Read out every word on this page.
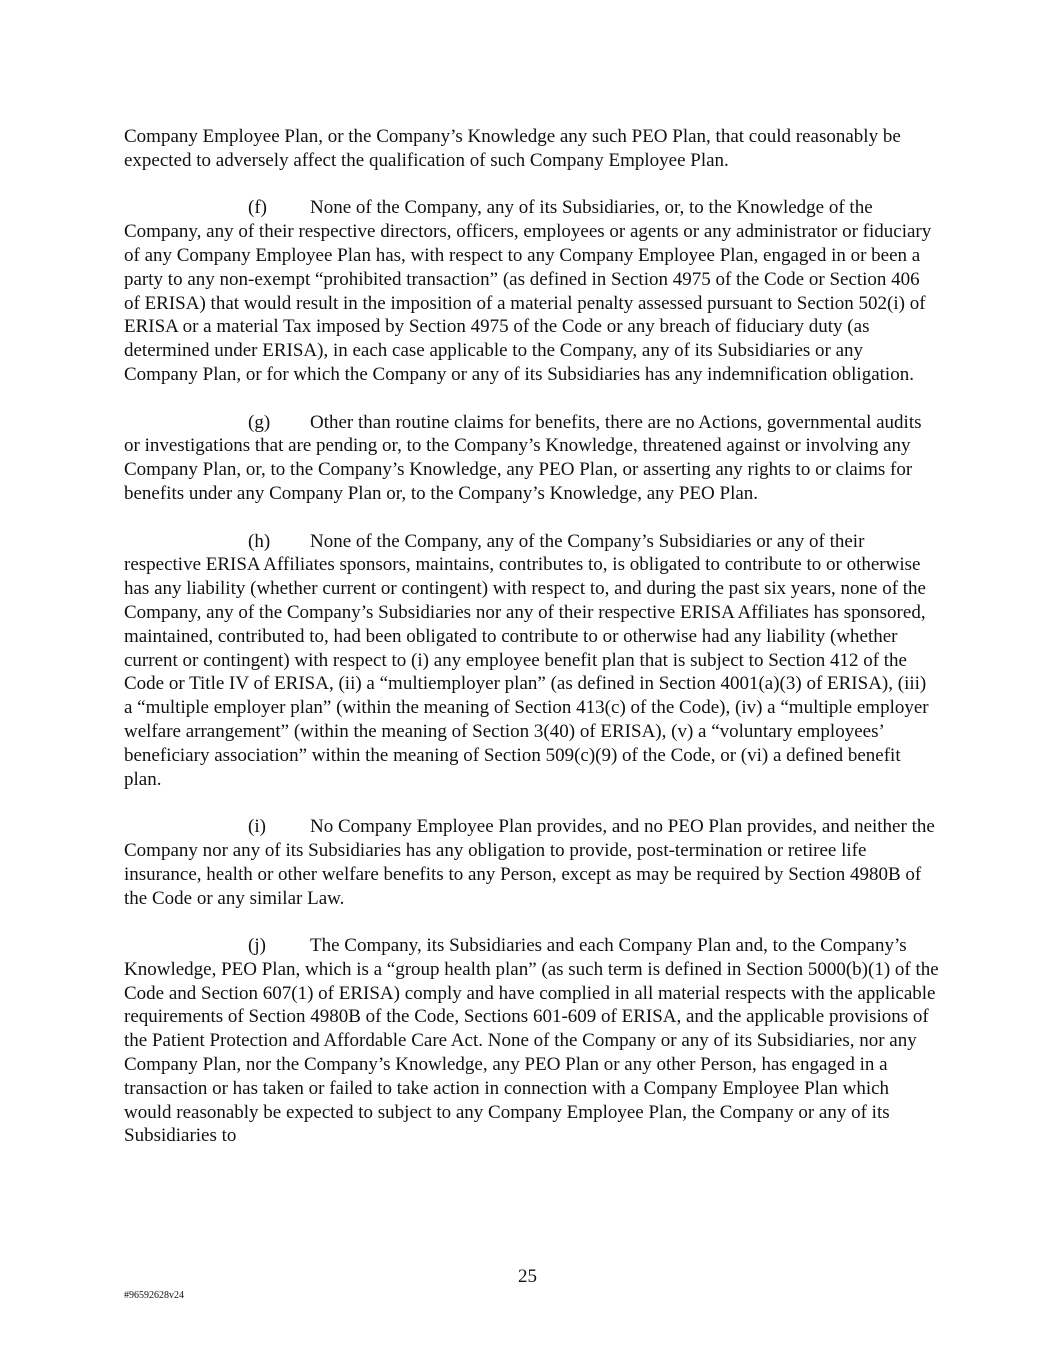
Company Employee Plan, or the Company’s Knowledge any such PEO Plan, that could reasonably be expected to adversely affect the qualification of such Company Employee Plan.

(f) None of the Company, any of its Subsidiaries, or, to the Knowledge of the Company, any of their respective directors, officers, employees or agents or any administrator or fiduciary of any Company Employee Plan has, with respect to any Company Employee Plan, engaged in or been a party to any non-exempt “prohibited transaction” (as defined in Section 4975 of the Code or Section 406 of ERISA) that would result in the imposition of a material penalty assessed pursuant to Section 502(i) of ERISA or a material Tax imposed by Section 4975 of the Code or any breach of fiduciary duty (as determined under ERISA), in each case applicable to the Company, any of its Subsidiaries or any Company Plan, or for which the Company or any of its Subsidiaries has any indemnification obligation.

(g) Other than routine claims for benefits, there are no Actions, governmental audits or investigations that are pending or, to the Company’s Knowledge, threatened against or involving any Company Plan, or, to the Company’s Knowledge, any PEO Plan, or asserting any rights to or claims for benefits under any Company Plan or, to the Company’s Knowledge, any PEO Plan.

(h) None of the Company, any of the Company’s Subsidiaries or any of their respective ERISA Affiliates sponsors, maintains, contributes to, is obligated to contribute to or otherwise has any liability (whether current or contingent) with respect to, and during the past six years, none of the Company, any of the Company’s Subsidiaries nor any of their respective ERISA Affiliates has sponsored, maintained, contributed to, had been obligated to contribute to or otherwise had any liability (whether current or contingent) with respect to (i) any employee benefit plan that is subject to Section 412 of the Code or Title IV of ERISA, (ii) a “multiemployer plan” (as defined in Section 4001(a)(3) of ERISA), (iii) a “multiple employer plan” (within the meaning of Section 413(c) of the Code), (iv) a “multiple employer welfare arrangement” (within the meaning of Section 3(40) of ERISA), (v) a “voluntary employees’ beneficiary association” within the meaning of Section 509(c)(9) of the Code, or (vi) a defined benefit plan.

(i) No Company Employee Plan provides, and no PEO Plan provides, and neither the Company nor any of its Subsidiaries has any obligation to provide, post-termination or retiree life insurance, health or other welfare benefits to any Person, except as may be required by Section 4980B of the Code or any similar Law.

(j) The Company, its Subsidiaries and each Company Plan and, to the Company’s Knowledge, PEO Plan, which is a “group health plan” (as such term is defined in Section 5000(b)(1) of the Code and Section 607(1) of ERISA) comply and have complied in all material respects with the applicable requirements of Section 4980B of the Code, Sections 601-609 of ERISA, and the applicable provisions of the Patient Protection and Affordable Care Act. None of the Company or any of its Subsidiaries, nor any Company Plan, nor the Company’s Knowledge, any PEO Plan or any other Person, has engaged in a transaction or has taken or failed to take action in connection with a Company Employee Plan which would reasonably be expected to subject to any Company Employee Plan, the Company or any of its Subsidiaries to

25
#96592628v24
